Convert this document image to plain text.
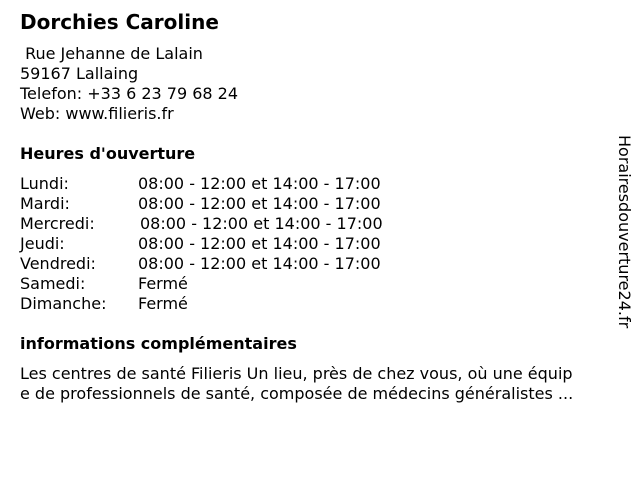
Dorchies Caroline
Rue Jehanne de Lalain
59167 Lallaing
Telefon: +33 6 23 79 68 24
Web: www.filieris.fr
Heures d'ouverture
Lundi:	08:00 - 12:00 et 14:00 - 17:00
Mardi:	08:00 - 12:00 et 14:00 - 17:00
Mercredi:	08:00 - 12:00 et 14:00 - 17:00
Jeudi:	08:00 - 12:00 et 14:00 - 17:00
Vendredi:	08:00 - 12:00 et 14:00 - 17:00
Samedi:	Fermé
Dimanche: Fermé
informations complémentaires
Les centres de santé Filieris Un lieu, près de chez vous, où une équip
e de professionnels de santé, composée de médecins généralistes ...
Horairesdouverture24.fr
